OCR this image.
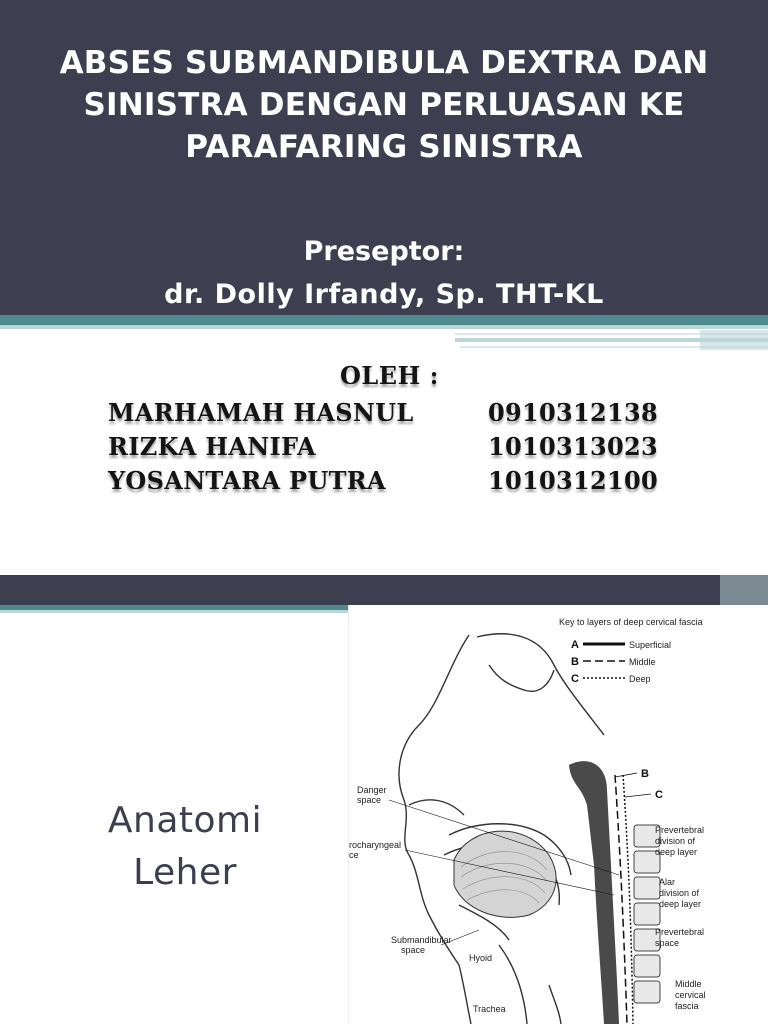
ABSES SUBMANDIBULA DEXTRA DAN SINISTRA DENGAN PERLUASAN KE PARAFARING SINISTRA
Preseptor:
dr. Dolly Irfandy, Sp. THT-KL
OLEH :
MARHAMAH HASNUL	0910312138
RIZKA HANIFA	1010313023
YOSANTARA PUTRA	1010312100
Anatomi
Leher
Key to layers of deep cervical fascia
A	Superficial
B	Middle
C	Deep
B
C
Danger
space
rocharyngeal
ce
Submandibular
space
Hyoid
Trachea
Prevertebral
division of
deep layer
Alar
division of
deep layer
Prevertebral
space
Middle
cervical
fascia
